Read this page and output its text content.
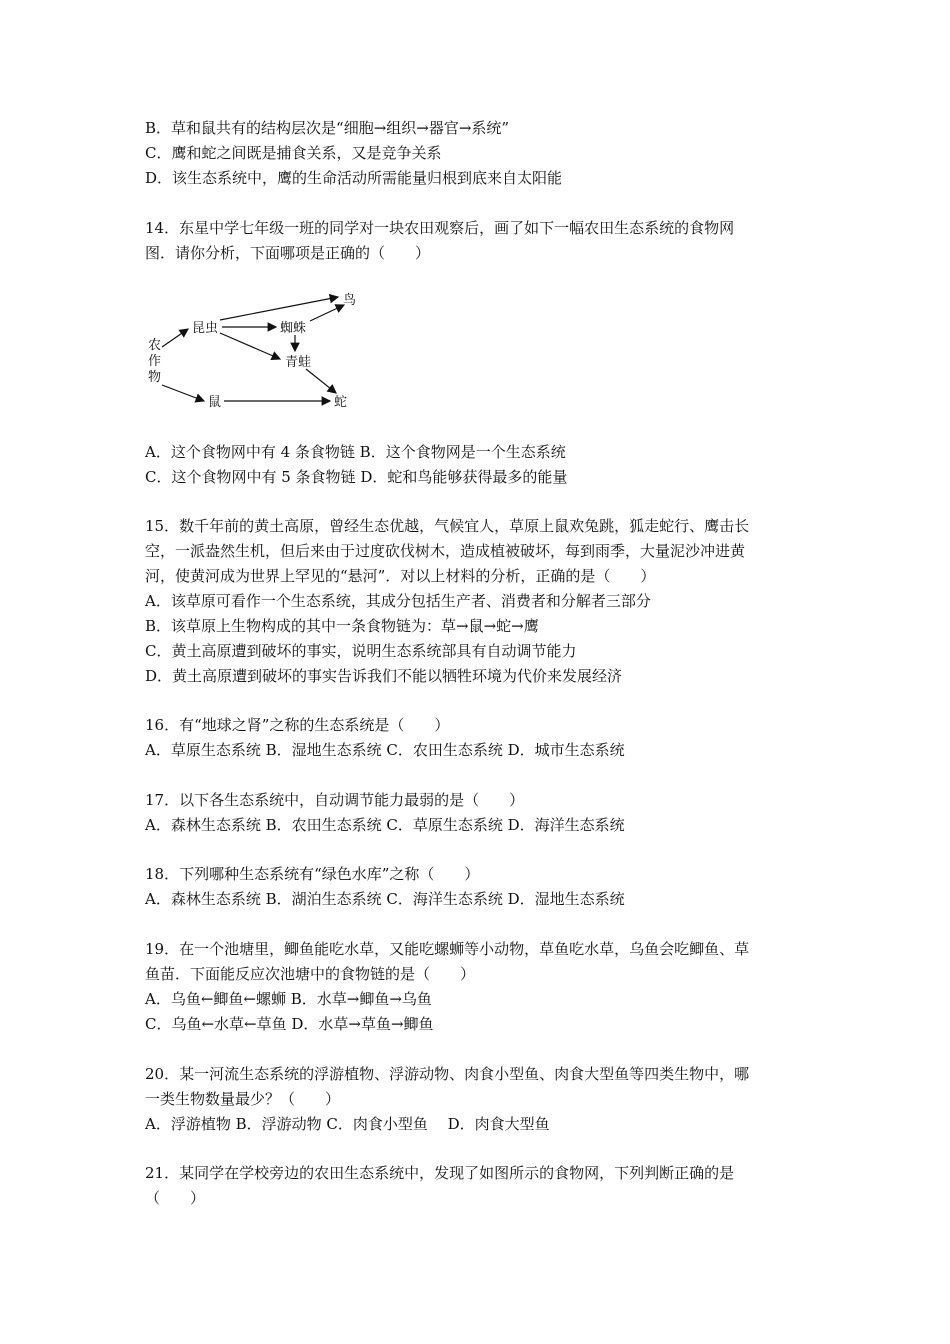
B．草和鼠共有的结构层次是“细胞→组织→器官→系统”
C．鹰和蛇之间既是捕食关系，又是竞争关系
D．该生态系统中，鹰的生命活动所需能量归根到底来自太阳能
14．东星中学七年级一班的同学对一块农田观察后，画了如下一幅农田生态系统的食物网
图．请你分析，下面哪项是正确的（　　）
农
作
物
昆虫
鸟
蜘蛛
青蛙
鼠	蛇
A．这个食物网中有 4 条食物链 B．这个食物网是一个生态系统
C．这个食物网中有 5 条食物链 D．蛇和鸟能够获得最多的能量
15．数千年前的黄土高原，曾经生态优越，气候宜人，草原上鼠欢兔跳，狐走蛇行、鹰击长
空，一派盎然生机，但后来由于过度砍伐树木，造成植被破坏，每到雨季，大量泥沙冲进黄
河，使黄河成为世界上罕见的“悬河”．对以上材料的分析，正确的是（　　）
A．该草原可看作一个生态系统，其成分包括生产者、消费者和分解者三部分
B．该草原上生物构成的其中一条食物链为：草→鼠→蛇→鹰
C．黄土高原遭到破坏的事实，说明生态系统部具有自动调节能力
D．黄土高原遭到破坏的事实告诉我们不能以牺牲环境为代价来发展经济
16．有“地球之肾”之称的生态系统是（　　）
A．草原生态系统 B．湿地生态系统 C．农田生态系统 D．城市生态系统
17．以下各生态系统中，自动调节能力最弱的是（　　）
A．森林生态系统 B．农田生态系统 C．草原生态系统 D．海洋生态系统
18．下列哪种生态系统有“绿色水库”之称（　　）
A．森林生态系统 B．湖泊生态系统 C．海洋生态系统 D．湿地生态系统
19．在一个池塘里，鲫鱼能吃水草，又能吃螺蛳等小动物，草鱼吃水草，乌鱼会吃鲫鱼、草
鱼苗．下面能反应次池塘中的食物链的是（　　）
A．乌鱼←鲫鱼←螺蛳 B．水草→鲫鱼→乌鱼
C．乌鱼←水草←草鱼 D．水草→草鱼→鲫鱼
20．某一河流生态系统的浮游植物、浮游动物、肉食小型鱼、肉食大型鱼等四类生物中，哪
一类生物数量最少？（　　）
A．浮游植物 B．浮游动物 C．肉食小型鱼　 D．肉食大型鱼
21．某同学在学校旁边的农田生态系统中，发现了如图所示的食物网，下列判断正确的是
（　　）
